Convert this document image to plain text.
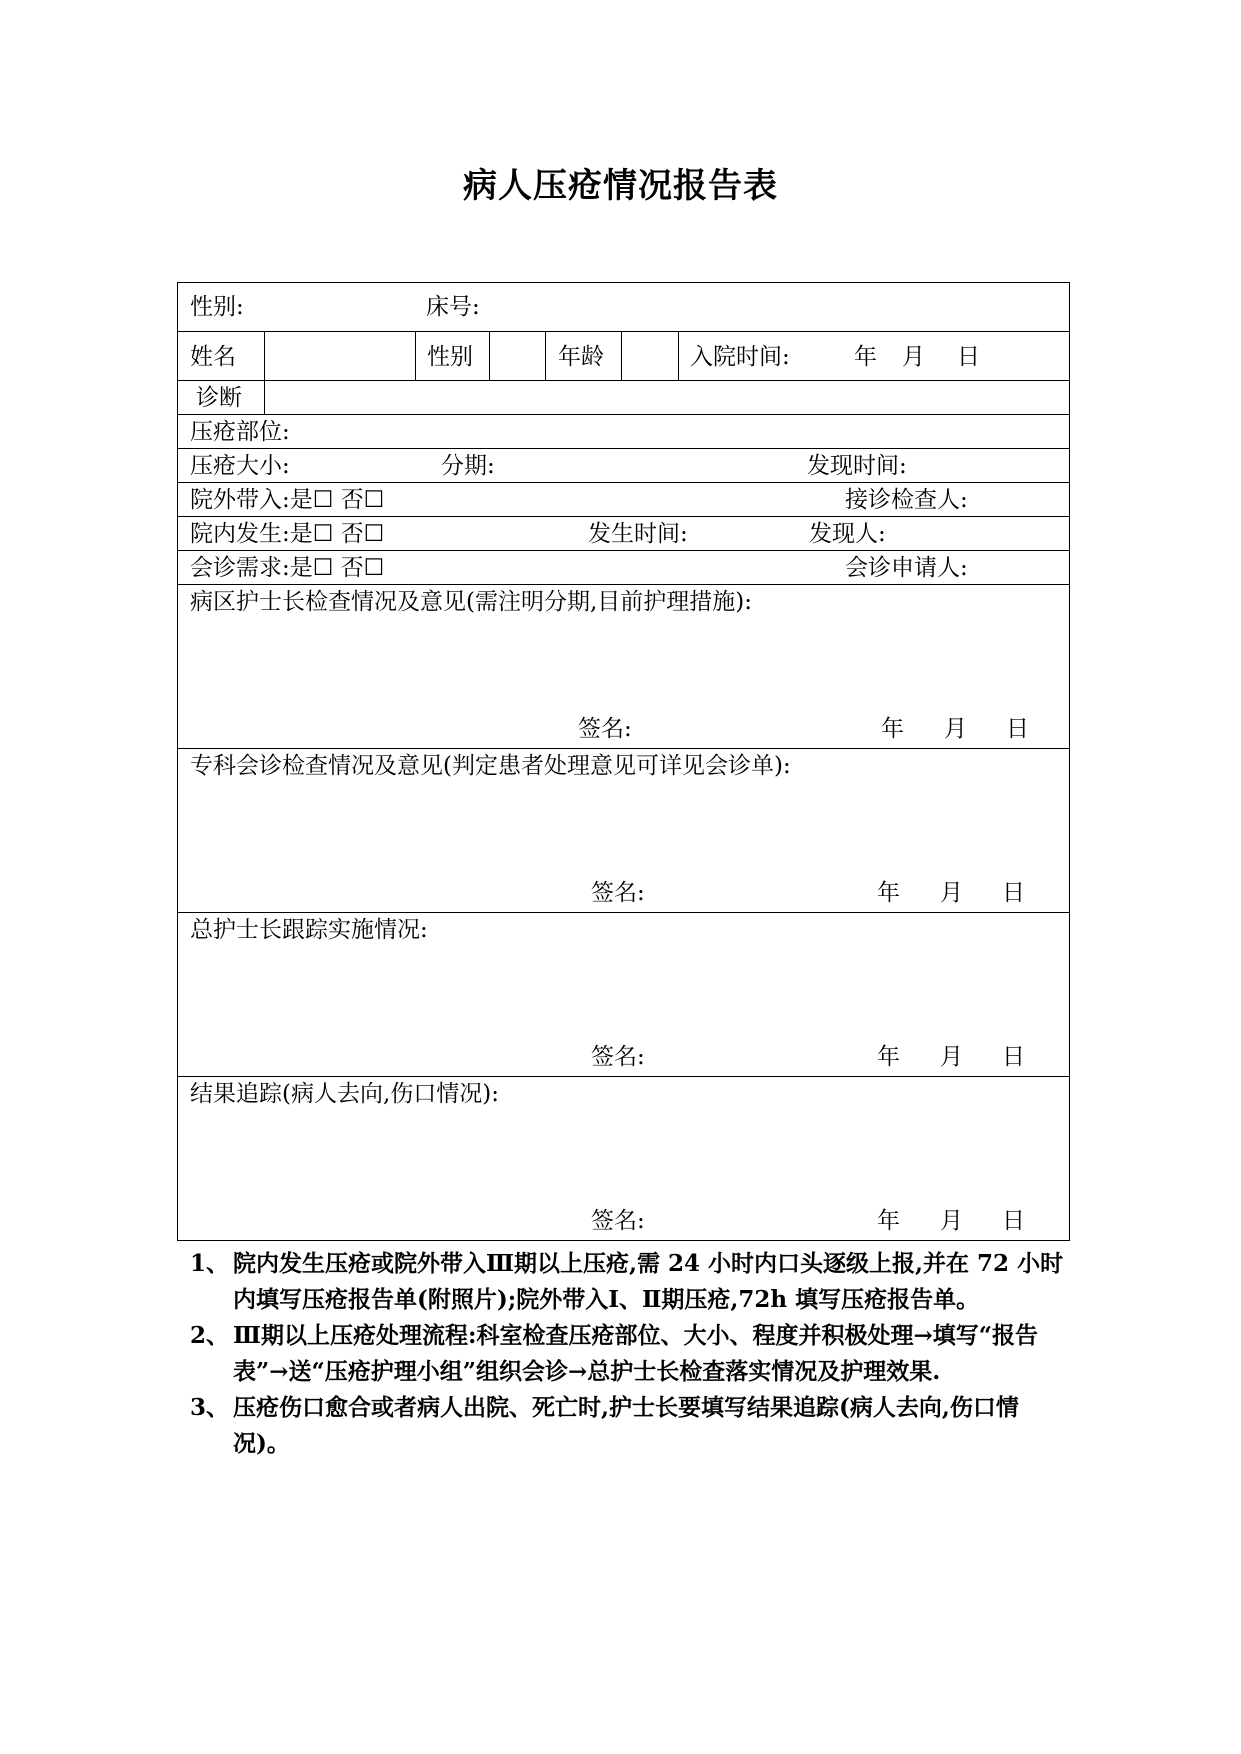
病人压疮情况报告表
性别:	床号:
姓名	性别	年龄	入院时间:	年 月 日
诊断
压疮部位:
压疮大小:	分期:	发现时间:
院外带入:是☐ 否☐	接诊检查人:
院内发生:是☐ 否☐	发生时间:	发现人:
会诊需求:是☐ 否☐	会诊申请人:
病区护士长检查情况及意见(需注明分期,目前护理措施):
签名:	年 月 日
专科会诊检查情况及意见(判定患者处理意见可详见会诊单):
签名:	年 月 日
总护士长跟踪实施情况:
签名:	年 月 日
结果追踪(病人去向,伤口情况):
签名:	年 月 日
1、 院内发生压疮或院外带入Ⅲ期以上压疮,需 24 小时内口头逐级上报,并在 72 小时内填写压疮报告单(附照片);院外带入Ⅰ、Ⅱ期压疮,72h 填写压疮报告单。
2、 Ⅲ期以上压疮处理流程:科室检查压疮部位、大小、程度并积极处理→填写“报告表”→送“压疮护理小组”组织会诊→总护士长检查落实情况及护理效果.
3、 压疮伤口愈合或者病人出院、死亡时,护士长要填写结果追踪(病人去向,伤口情况)。
